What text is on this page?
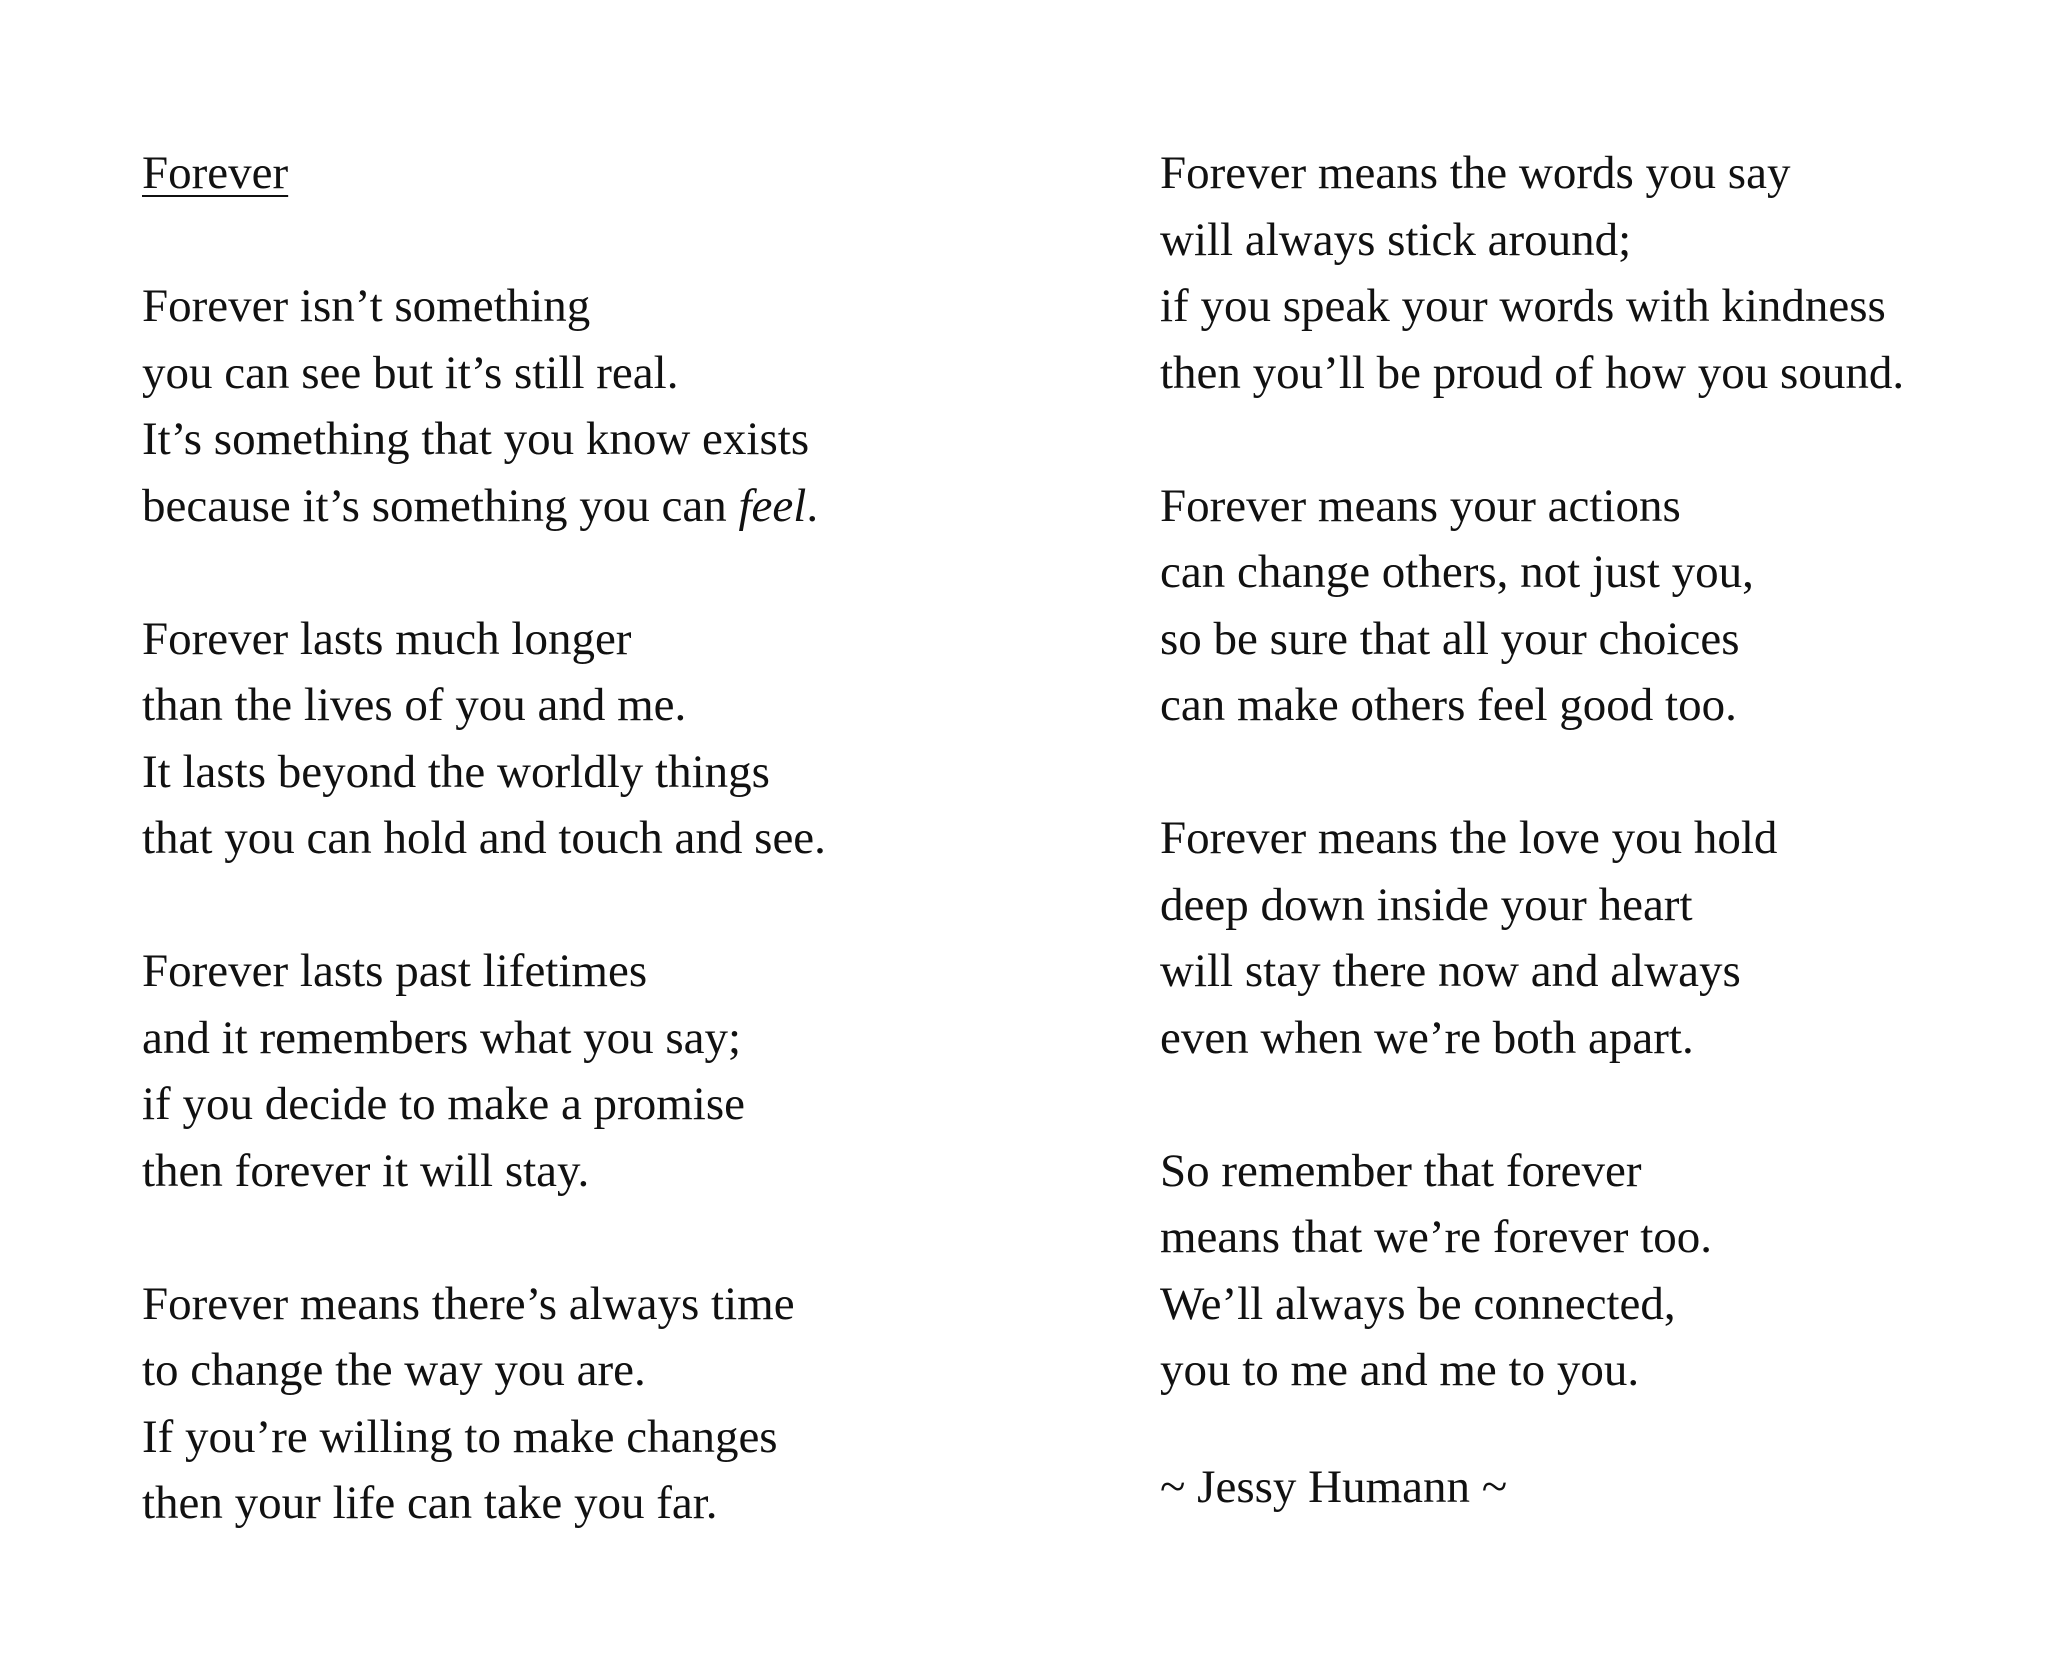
Forever
Forever isn’t something
you can see but it’s still real.
It’s something that you know exists
because it’s something you can feel.
Forever lasts much longer
than the lives of you and me.
It lasts beyond the worldly things
that you can hold and touch and see.
Forever lasts past lifetimes
and it remembers what you say;
if you decide to make a promise
then forever it will stay.
Forever means there’s always time
to change the way you are.
If you’re willing to make changes
then your life can take you far.
Forever means the words you say
will always stick around;
if you speak your words with kindness
then you’ll be proud of how you sound.
Forever means your actions
can change others, not just you,
so be sure that all your choices
can make others feel good too.
Forever means the love you hold
deep down inside your heart
will stay there now and always
even when we’re both apart.
So remember that forever
means that we’re forever too.
We’ll always be connected,
you to me and me to you.
~ Jessy Humann ~
